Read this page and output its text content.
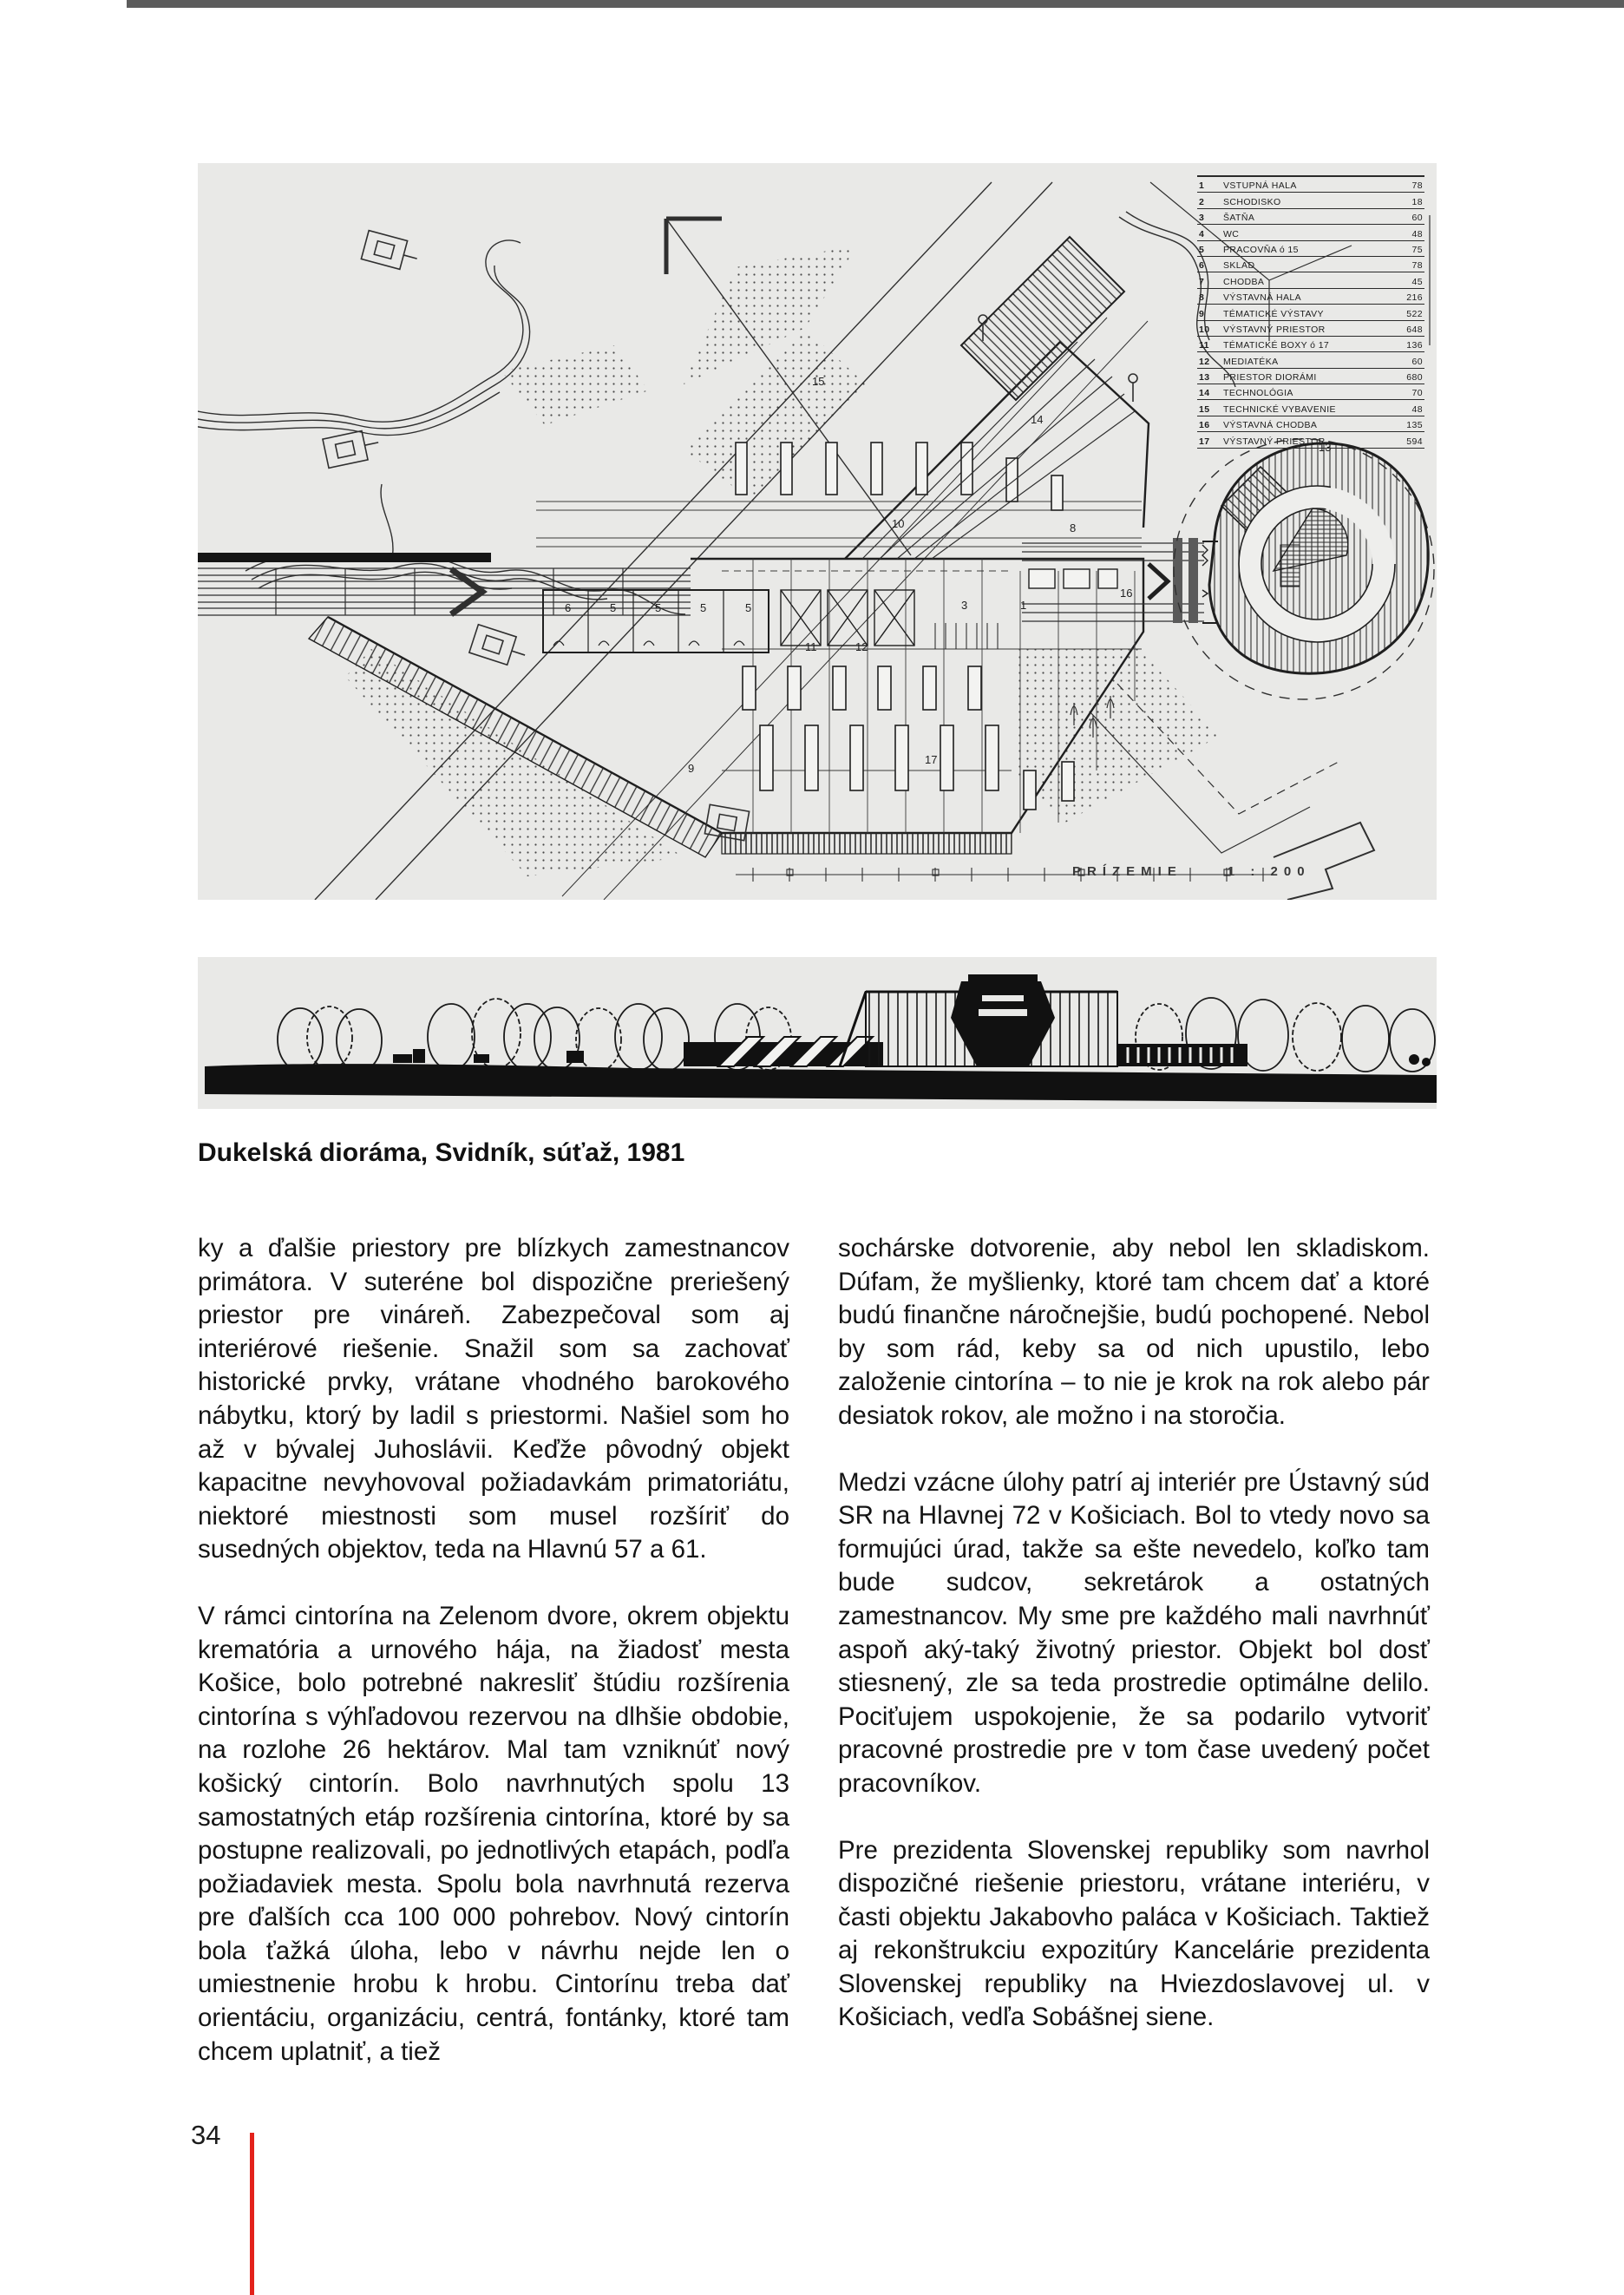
6	5	5	5	5
11	12
3	1
10	8
9
17
14
15
16
13
1	VSTUPNÁ HALA	78
2	SCHODISKO	18
3	ŠATŇA	60
4	WC	48
5	PRACOVŇA ó 15	75
6	SKLAD	78
7	CHODBA	45
8	VÝSTAVNÁ HALA	216
9	TÉMATICKÉ VÝSTAVY	522
10	VÝSTAVNÝ PRIESTOR	648
11	TÉMATICKÉ BOXY ó 17	136
12	MEDIATÉKA	60
13	PRIESTOR DIORÁMI	680
14	TECHNOLÓGIA	70
15	TECHNICKÉ VYBAVENIE	48
16	VÝSTAVNÁ CHODBA	135
17	VÝSTAVNÝ PRIESTOR	594
PRÍZEMIE	1 : 200
Dukelská dioráma, Svidník, súťaž, 1981

ky a ďalšie priestory pre blízkych zamestnancov primátora. V suteréne bol dispozične preriešený priestor pre vináreň. Zabezpečoval som aj interiérové riešenie. Snažil som sa zachovať historické prvky, vrátane vhodného barokového nábytku, ktorý by ladil s priestormi. Našiel som ho až v bývalej Juhoslávii. Keďže pôvodný objekt kapacitne nevyhovoval požiadavkám primatoriátu, niektoré miestnosti som musel rozšíriť do susedných objektov, teda na Hlavnú 57 a 61.

V rámci cintorína na Zelenom dvore, okrem objektu krematória a urnového hája, na žiadosť mesta Košice, bolo potrebné nakresliť štúdiu rozšírenia cintorína s výhľadovou rezervou na dlhšie obdobie, na rozlohe 26 hektárov. Mal tam vzniknúť nový košický cintorín. Bolo navrhnutých spolu 13 samostatných etáp rozšírenia cintorína, ktoré by sa postupne realizovali, po jednotlivých etapách, podľa požiadaviek mesta. Spolu bola navrhnutá rezerva pre ďalších cca 100 000 pohrebov. Nový cintorín bola ťažká úloha, lebo v návrhu nejde len o umiestnenie hrobu k hrobu. Cintorínu treba dať orientáciu, organizáciu, centrá, fontánky, ktoré tam chcem uplatniť, a tiež

sochárske dotvorenie, aby nebol len skladiskom. Dúfam, že myšlienky, ktoré tam chcem dať a ktoré budú finančne náročnejšie, budú pochopené. Nebol by som rád, keby sa od nich upustilo, lebo založenie cintorína – to nie je krok na rok alebo pár desiatok rokov, ale možno i na storočia.

Medzi vzácne úlohy patrí aj interiér pre Ústavný súd SR na Hlavnej 72 v Košiciach. Bol to vtedy novo sa formujúci úrad, takže sa ešte nevedelo, koľko tam bude sudcov, sekretárok a ostatných zamestnancov. My sme pre každého mali navrhnúť aspoň aký-taký životný priestor. Objekt bol dosť stiesnený, zle sa teda prostredie optimálne delilo. Pociťujem uspokojenie, že sa podarilo vytvoriť pracovné prostredie pre v tom čase uvedený počet pracovníkov.

Pre prezidenta Slovenskej republiky som navrhol dispozičné riešenie priestoru, vrátane interiéru, v časti objektu Jakabovho paláca v Košiciach. Taktiež aj rekonštrukciu expozitúry Kancelárie prezidenta Slovenskej republiky na Hviezdoslavovej ul. v Košiciach, vedľa Sobášnej siene.

34
